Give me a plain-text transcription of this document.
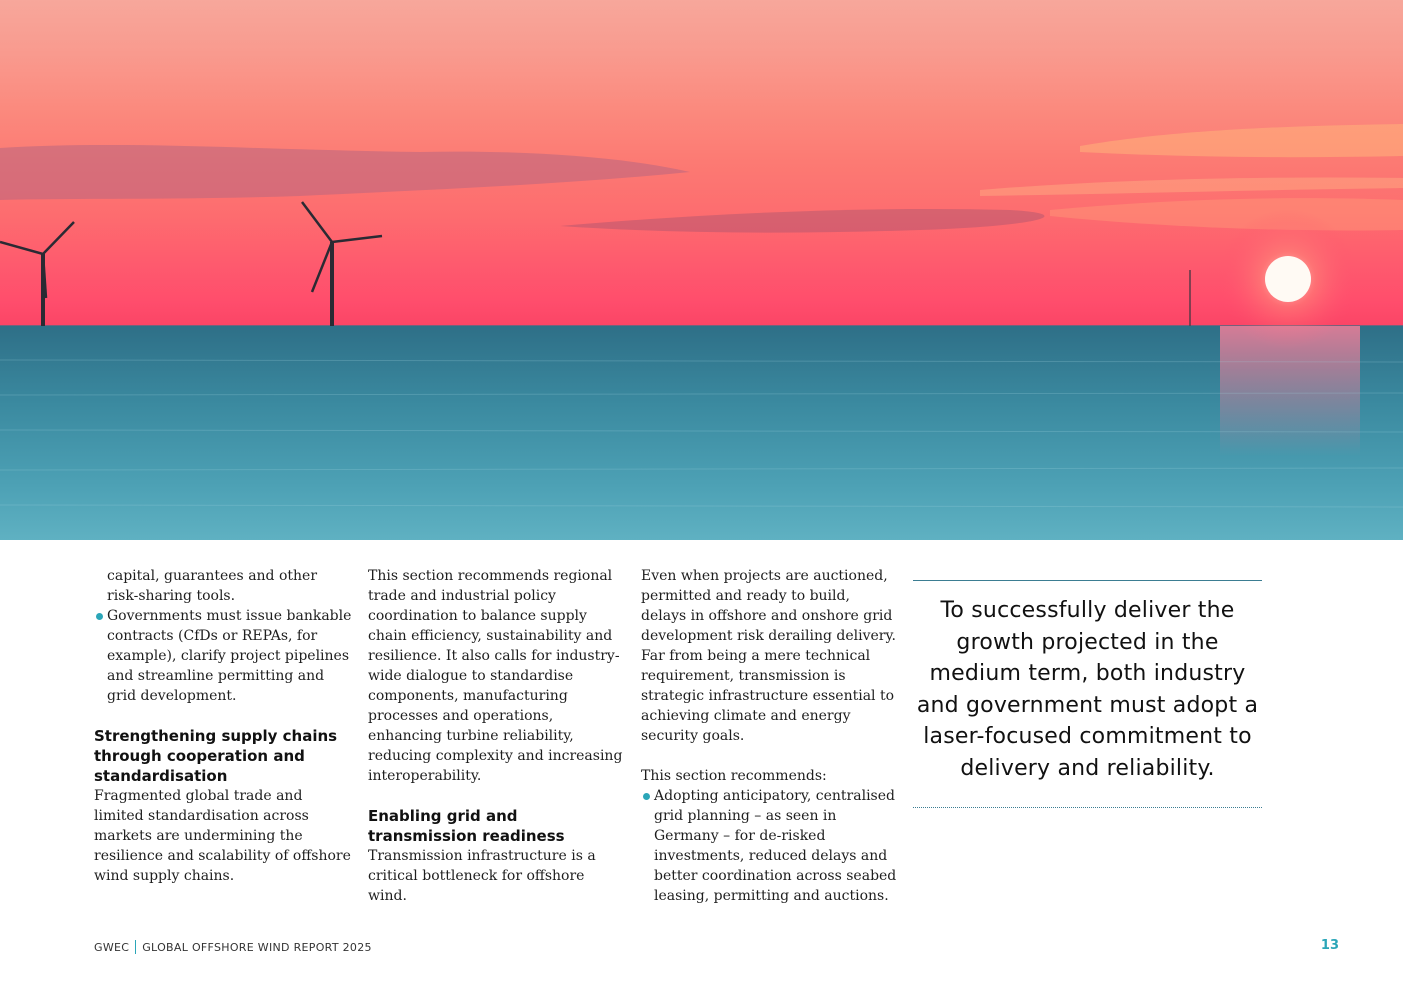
capital, guarantees and other

risk-sharing tools.

Governments must issue bankable contracts (CfDs or REPAs, for example), clarify project pipelines and streamline permitting and grid development.

Strengthening supply chains through cooperation and standardisation

Fragmented global trade and limited standardisation across markets are undermining the resilience and scalability of offshore wind supply chains.

This section recommends regional trade and industrial policy coordination to balance supply chain efficiency, sustainability and resilience. It also calls for industry-wide dialogue to standardise components, manufacturing processes and operations, enhancing turbine reliability, reducing complexity and increasing interoperability.

Enabling grid and transmission readiness

Transmission infrastructure is a critical bottleneck for offshore wind.

Even when projects are auctioned, permitted and ready to build, delays in offshore and onshore grid development risk derailing delivery. Far from being a mere technical requirement, transmission is strategic infrastructure essential to achieving climate and energy security goals.

This section recommends:

Adopting anticipatory, centralised grid planning – as seen in Germany – for de-risked investments, reduced delays and better coordination across seabed leasing, permitting and auctions.

To successfully deliver the growth projected in the medium term, both industry and government must adopt a laser-focused commitment to delivery and reliability.

GWEC GLOBAL OFFSHORE WIND REPORT 2025	13
